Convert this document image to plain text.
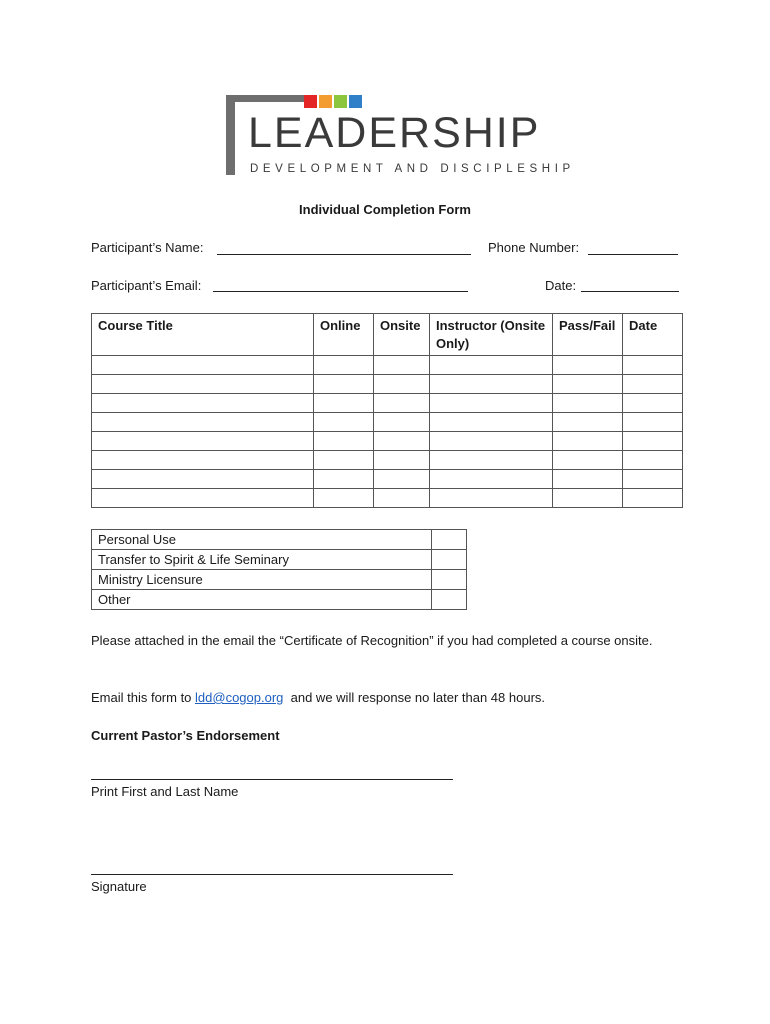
LEADERSHIP
DEVELOPMENT AND DISCIPLESHIP
Individual Completion Form
Participant’s Name:	Phone Number:
Participant’s Email:	Date:
Course Title	Online	Onsite	Instructor (Onsite Only)	Pass/Fail	Date

Personal Use	
Transfer to Spirit & Life Seminary	
Ministry Licensure	
Other	
Please attached in the email the “Certificate of Recognition” if you had completed a course onsite.
Email this form to ldd@cogop.org  and we will response no later than 48 hours.
Current Pastor’s Endorsement
Print First and Last Name
Signature
